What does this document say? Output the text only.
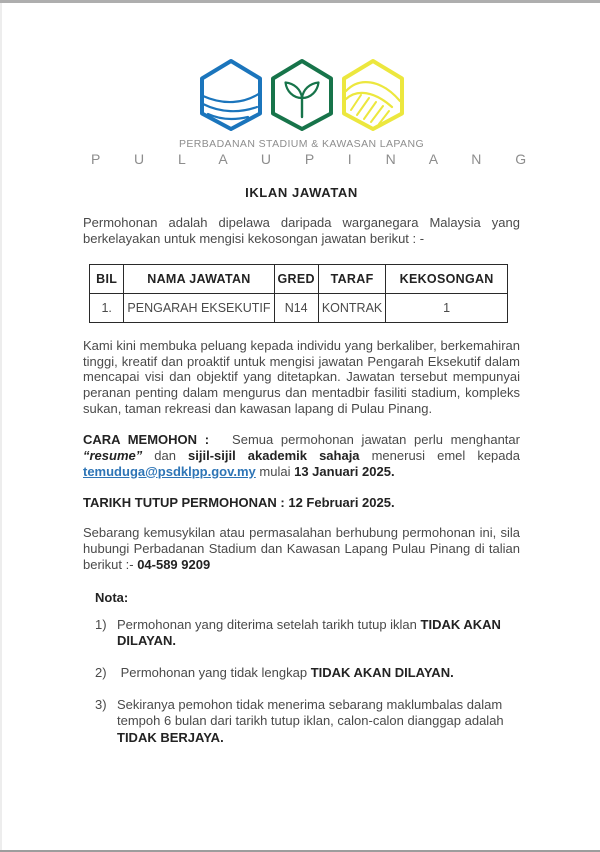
PERBADANAN STADIUM & KAWASAN LAPANG
P U L A U P I N A N G
IKLAN JAWATAN

Permohonan adalah dipelawa daripada warganegara Malaysia yang berkelayakan untuk mengisi kekosongan jawatan berikut : -

BIL	NAMA JAWATAN	GRED	TARAF	KEKOSONGAN
1.	PENGARAH EKSEKUTIF	N14	KONTRAK	1

Kami kini membuka peluang kepada individu yang berkaliber, berkemahiran tinggi, kreatif dan proaktif untuk mengisi jawatan Pengarah Eksekutif dalam mencapai visi dan objektif yang ditetapkan. Jawatan tersebut mempunyai peranan penting dalam mengurus dan mentadbir fasiliti stadium, kompleks sukan, taman rekreasi dan kawasan lapang di Pulau Pinang.

CARA MEMOHON :   Semua permohonan jawatan perlu menghantar “resume” dan sijil-sijil akademik sahaja menerusi emel kepada temuduga@psdklpp.gov.my mulai 13 Januari 2025.

TARIKH TUTUP PERMOHONAN : 12 Februari 2025.

Sebarang kemusykilan atau permasalahan berhubung permohonan ini, sila hubungi Perbadanan Stadium dan Kawasan Lapang Pulau Pinang di talian berikut :- 04-589 9209

Nota:

1) Permohonan yang diterima setelah tarikh tutup iklan TIDAK AKAN DILAYAN.
2) Permohonan yang tidak lengkap TIDAK AKAN DILAYAN.
3) Sekiranya pemohon tidak menerima sebarang maklumbalas dalam tempoh 6 bulan dari tarikh tutup iklan, calon-calon dianggap adalah TIDAK BERJAYA.
